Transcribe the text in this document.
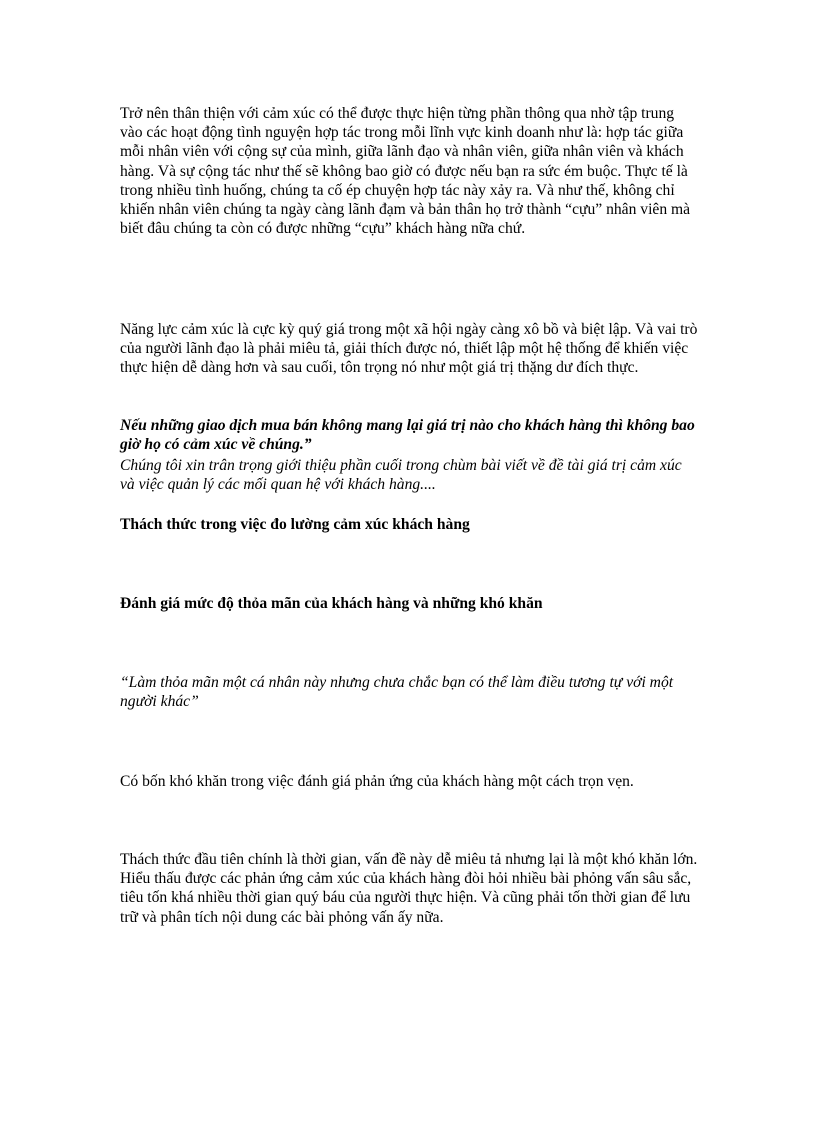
Trở nên thân thiện với cảm xúc có thể được thực hiện từng phần thông qua nhờ tập trung vào các hoạt động tình nguyện hợp tác trong mỗi lĩnh vực kinh doanh như là: hợp tác giữa mỗi nhân viên với cộng sự của mình, giữa lãnh đạo và nhân viên, giữa nhân viên và khách hàng. Và sự cộng tác như thế sẽ không bao giờ có được nếu bạn ra sức ém buộc. Thực tế là trong nhiều tình huống, chúng ta cố ép chuyện hợp tác này xảy ra. Và như thế, không chỉ khiến nhân viên chúng ta ngày càng lãnh đạm và bản thân họ trở thành “cựu” nhân viên mà biết đâu chúng ta còn có được những “cựu” khách hàng nữa chứ.

Năng lực cảm xúc là cực kỳ quý giá trong một xã hội ngày càng xô bồ và biệt lập. Và vai trò của người lãnh đạo là phải miêu tả, giải thích được nó, thiết lập một hệ thống để khiến việc thực hiện dễ dàng hơn và sau cuối, tôn trọng nó như một giá trị thặng dư đích thực.

Nếu những giao dịch mua bán không mang lại giá trị nào cho khách hàng thì không bao giờ họ có cảm xúc về chúng.”

Chúng tôi xin trân trọng giới thiệu phần cuối trong chùm bài viết về đề tài giá trị cảm xúc và việc quản lý các mối quan hệ với khách hàng....

Thách thức trong việc đo lường cảm xúc khách hàng

Đánh giá mức độ thỏa mãn của khách hàng và những khó khăn

“Làm thỏa mãn một cá nhân này nhưng chưa chắc bạn có thể làm điều tương tự với một người khác”

Có bốn khó khăn trong việc đánh giá phản ứng của khách hàng một cách trọn vẹn.

Thách thức đầu tiên chính là thời gian, vấn đề này dễ miêu tả nhưng lại là một khó khăn lớn. Hiểu thấu được các phản ứng cảm xúc của khách hàng đòi hỏi nhiều bài phỏng vấn sâu sắc, tiêu tốn khá nhiều thời gian quý báu của người thực hiện. Và cũng phải tốn thời gian để lưu trữ và phân tích nội dung các bài phỏng vấn ấy nữa.
